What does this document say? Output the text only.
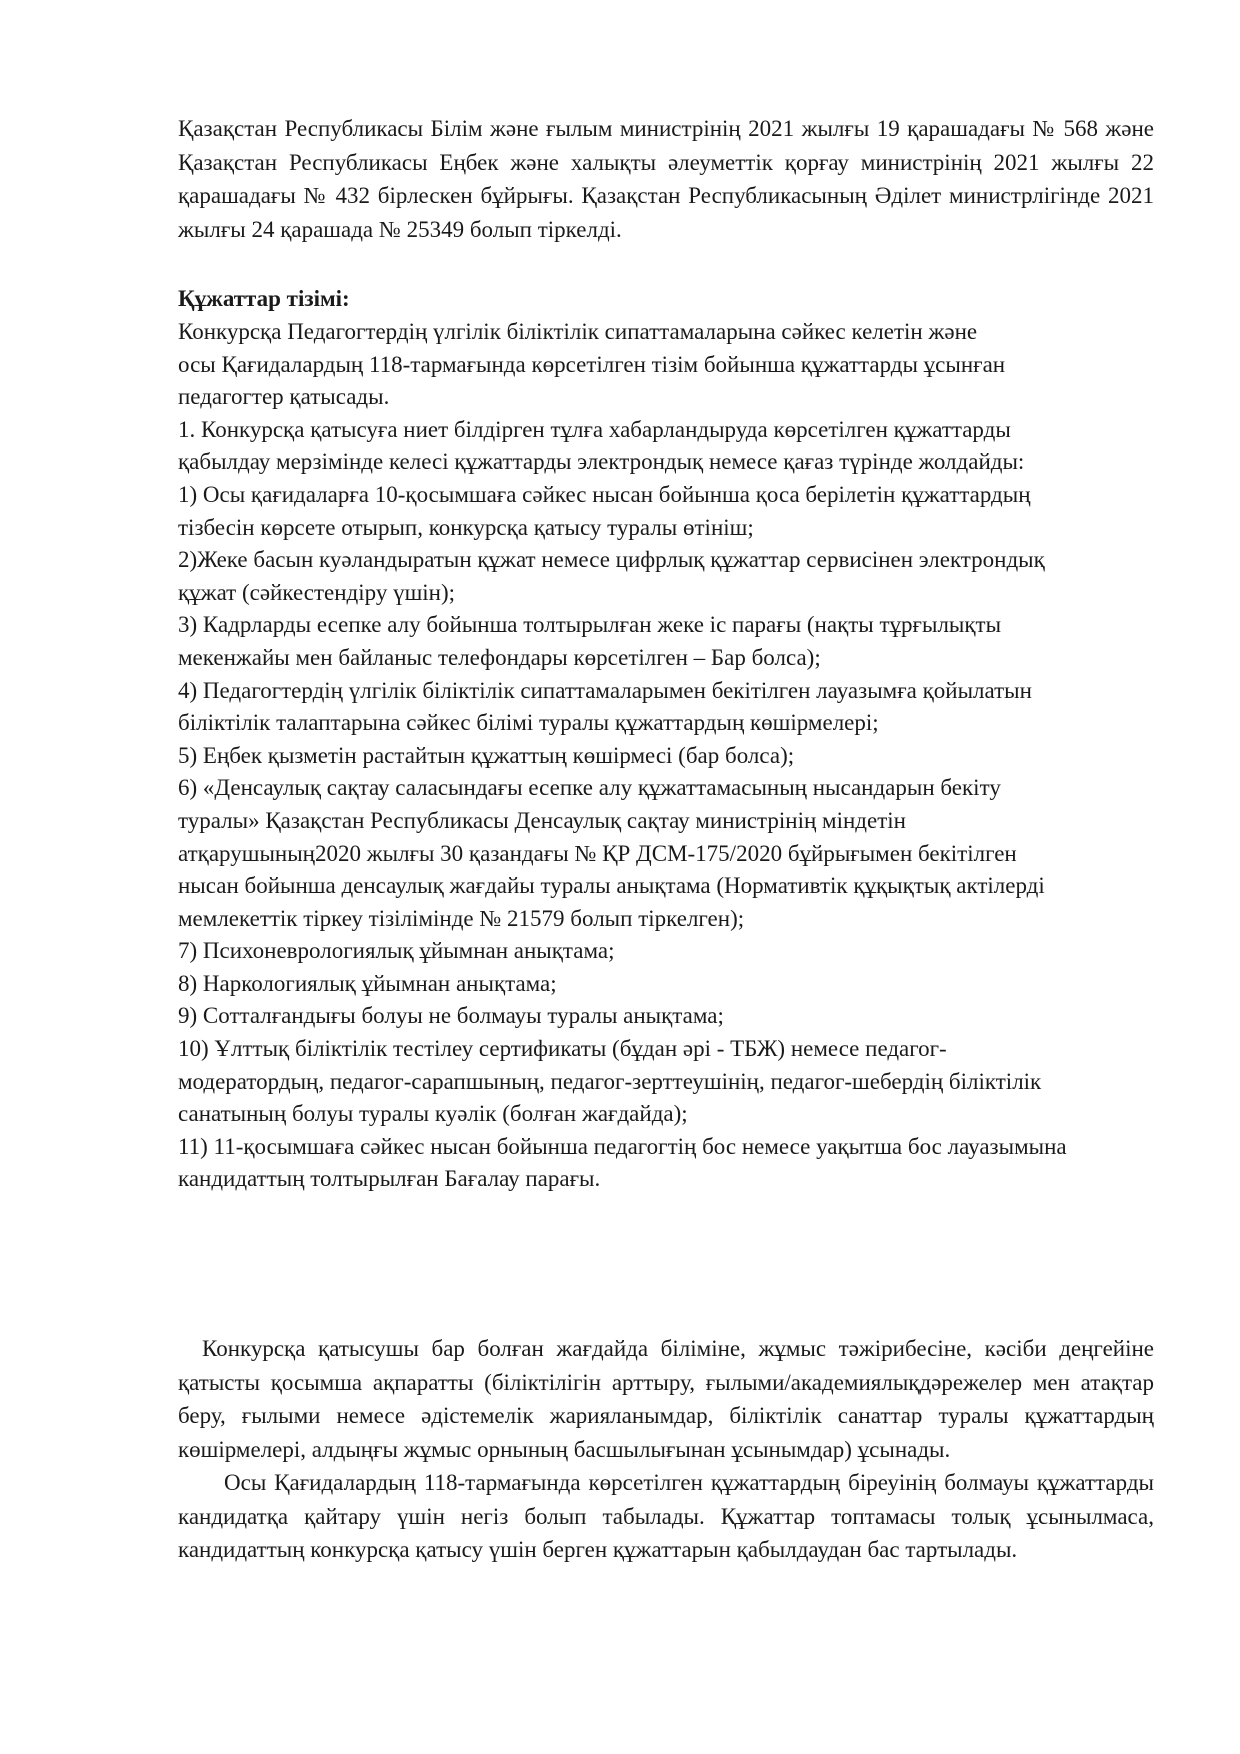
Қазақстан Республикасы Білім және ғылым министрінің 2021 жылғы 19 қарашадағы № 568 және Қазақстан Республикасы Еңбек және халықты әлеуметтік қорғау министрінің 2021 жылғы 22 қарашадағы № 432 бірлескен бұйрығы. Қазақстан Республикасының Әділет министрлігінде 2021 жылғы 24 қарашада № 25349 болып тіркелді.
Құжаттар тізімі:

Конкурсқа Педагогтердің үлгілік біліктілік сипаттамаларына сәйкес келетін және

осы Қағидалардың 118-тармағында көрсетілген тізім бойынша құжаттарды ұсынған

педагогтер қатысады.

1. Конкурсқа қатысуға ниет білдірген тұлға хабарландыруда көрсетілген құжаттарды

қабылдау мерзімінде келесі құжаттарды электрондық немесе қағаз түрінде жолдайды:

1) Осы қағидаларға 10-қосымшаға сәйкес нысан бойынша қоса берілетін құжаттардың

тізбесін көрсете отырып, конкурсқа қатысу туралы өтініш;

2)Жеке басын куәландыратын құжат немесе цифрлық құжаттар сервисінен электрондық

құжат (сәйкестендіру үшін);

3) Кадрларды есепке алу бойынша толтырылған жеке іс парағы (нақты тұрғылықты

мекенжайы мен байланыс телефондары көрсетілген – Бар болса);

4) Педагогтердің үлгілік біліктілік сипаттамаларымен бекітілген лауазымға қойылатын

біліктілік талаптарына сәйкес білімі туралы құжаттардың көшірмелері;

5) Еңбек қызметін растайтын құжаттың көшірмесі (бар болса);

6) «Денсаулық сақтау саласындағы есепке алу құжаттамасының нысандарын бекіту

туралы» Қазақстан Республикасы Денсаулық сақтау министрінің міндетін

атқарушының2020 жылғы 30 қазандағы № ҚР ДСМ-175/2020 бұйрығымен бекітілген

нысан бойынша денсаулық жағдайы туралы анықтама (Нормативтік құқықтық актілерді

мемлекеттік тіркеу тізілімінде № 21579 болып тіркелген);

7) Психоневрологиялық ұйымнан анықтама;

8) Наркологиялық ұйымнан анықтама;

9) Сотталғандығы болуы не болмауы туралы анықтама;

10) Ұлттық біліктілік тестілеу сертификаты (бұдан әрі - ТБЖ) немесе педагог-

модератордың, педагог-сарапшының, педагог-зерттеушінің, педагог-шебердің біліктілік

санатының болуы туралы куәлік (болған жағдайда);

11) 11-қосымшаға сәйкес нысан бойынша педагогтің бос немесе уақытша бос лауазымына

кандидаттың толтырылған Бағалау парағы.

Конкурсқа қатысушы бар болған жағдайда біліміне, жұмыс тәжірибесіне, кәсіби деңгейіне қатысты қосымша ақпаратты (біліктілігін арттыру, ғылыми/академиялықдәрежелер мен атақтар беру, ғылыми немесе әдістемелік жарияланымдар, біліктілік санаттар туралы құжаттардың көшірмелері, алдыңғы жұмыс орнының басшылығынан ұсынымдар) ұсынады.

Осы Қағидалардың 118-тармағында көрсетілген құжаттардың біреуінің болмауы құжаттарды кандидатқа қайтару үшін негіз болып табылады. Құжаттар топтамасы толық ұсынылмаса, кандидаттың конкурсқа қатысу үшін берген құжаттарын қабылдаудан бас тартылады.
